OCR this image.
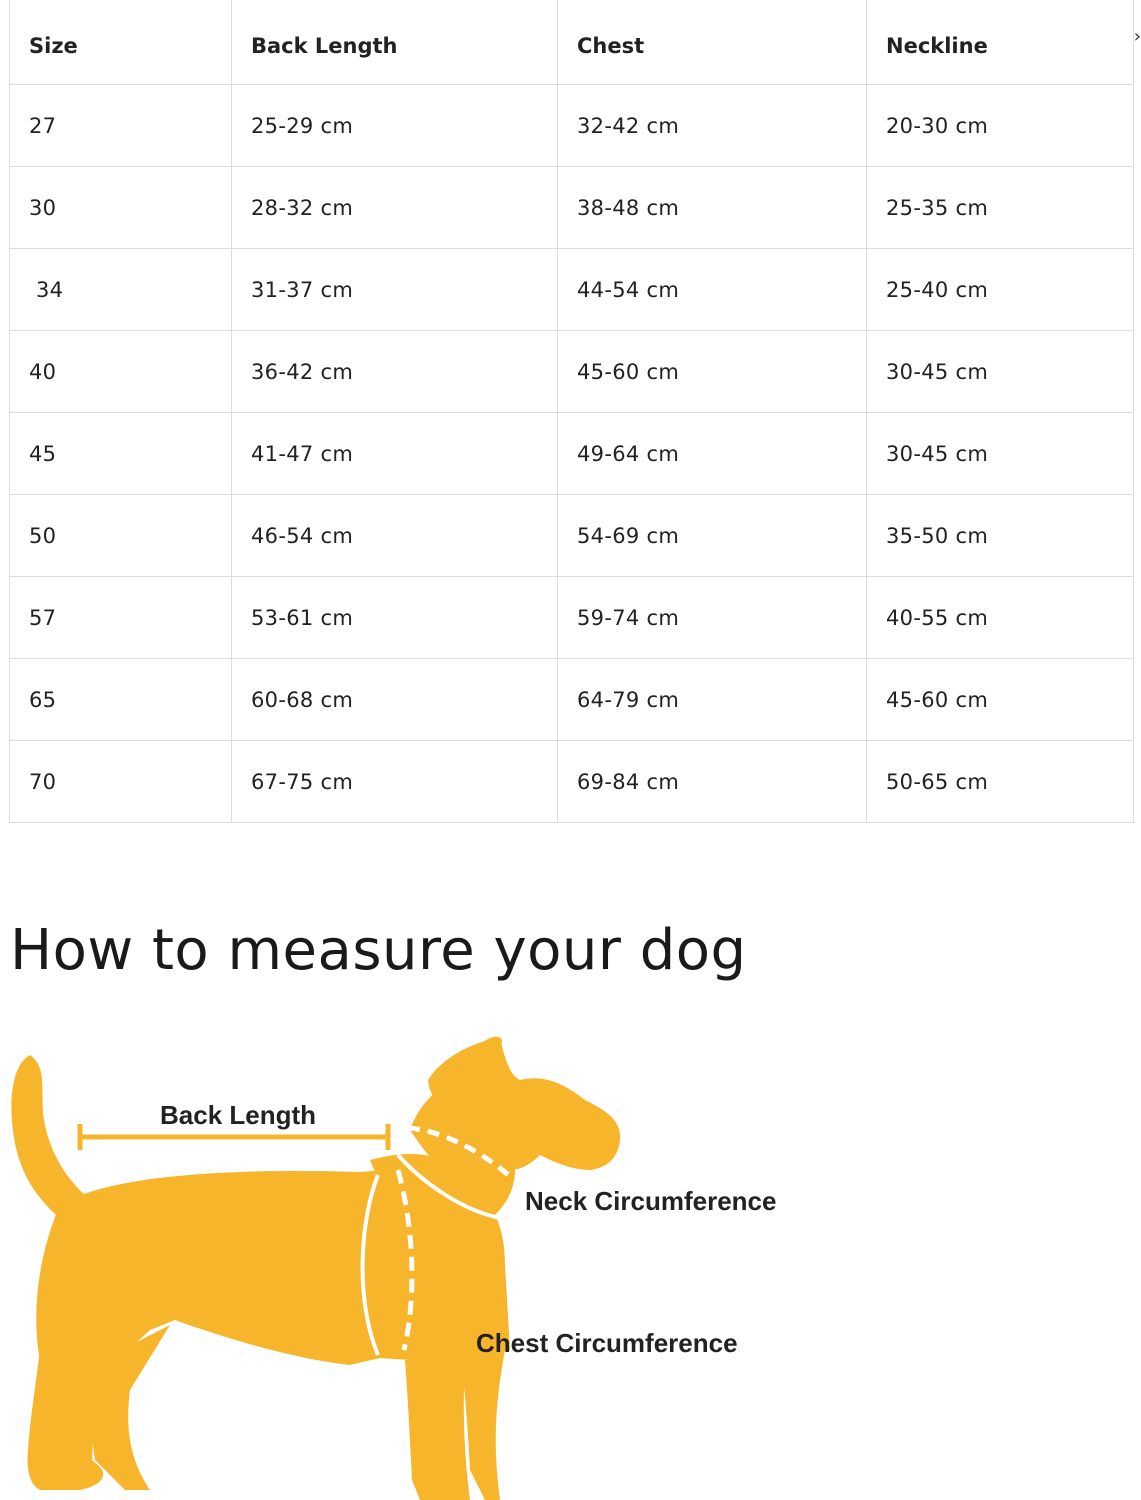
Size	Back Length	Chest	Neckline
27	25-29 cm	32-42 cm	20-30 cm
30	28-32 cm	38-48 cm	25-35 cm
34	31-37 cm	44-54 cm	25-40 cm
40	36-42 cm	45-60 cm	30-45 cm
45	41-47 cm	49-64 cm	30-45 cm
50	46-54 cm	54-69 cm	35-50 cm
57	53-61 cm	59-74 cm	40-55 cm
65	60-68 cm	64-79 cm	45-60 cm
70	67-75 cm	69-84 cm	50-65 cm
›
How to measure your dog
Back Length
Neck Circumference
Chest Circumference
